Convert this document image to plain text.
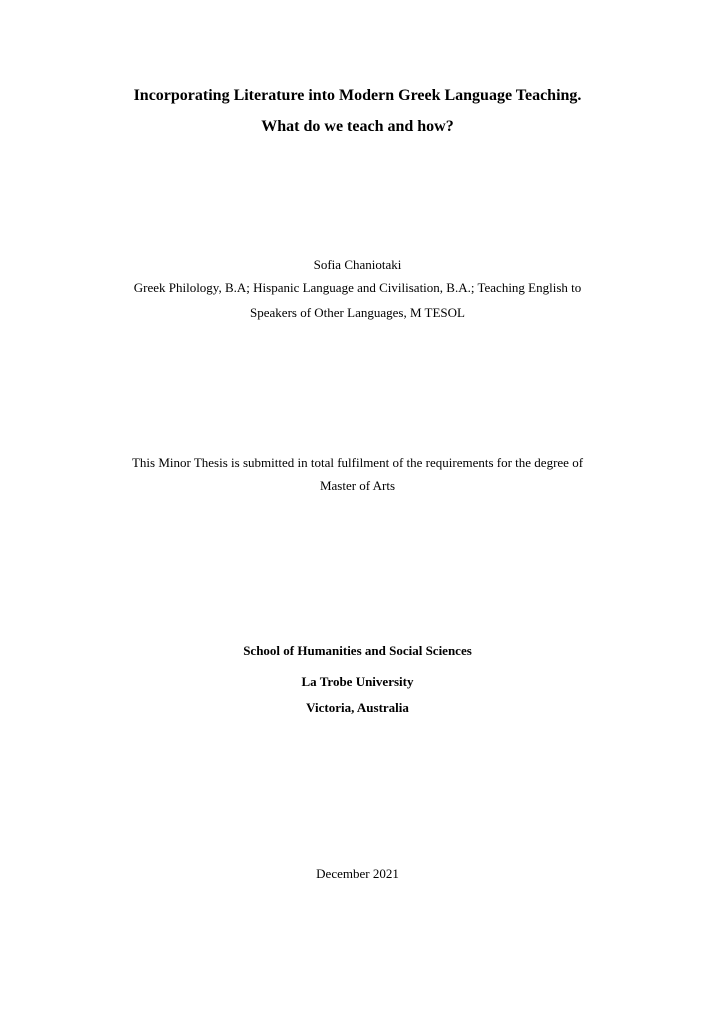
Incorporating Literature into Modern Greek Language Teaching.
What do we teach and how?
Sofia Chaniotaki
Greek Philology, B.A; Hispanic Language and Civilisation, B.A.; Teaching English to
Speakers of Other Languages, M TESOL
This Minor Thesis is submitted in total fulfilment of the requirements for the degree of
Master of Arts
School of Humanities and Social Sciences
La Trobe University
Victoria, Australia
December 2021
